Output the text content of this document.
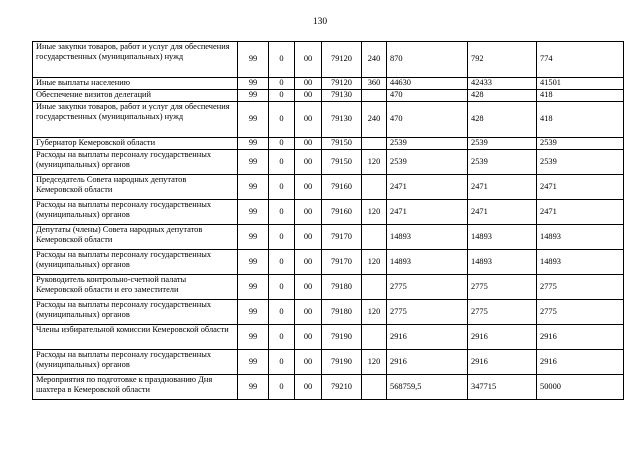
130
Иные закупки товаров, работ и услуг для обеспечения государственных (муниципальных) нужд	99	0	00	79120	240	870	792	774
Иные выплаты населению	99	0	00	79120	360	44630	42433	41501
Обеспечение визитов делегаций	99	0	00	79130		470	428	418
Иные закупки товаров, работ и услуг для обеспечения государственных (муниципальных) нужд	99	0	00	79130	240	470	428	418
Губернатор Кемеровской области	99	0	00	79150		2539	2539	2539
Расходы на выплаты персоналу государственных (муниципальных) органов	99	0	00	79150	120	2539	2539	2539
Председатель Совета народных депутатов Кемеровской области	99	0	00	79160		2471	2471	2471
Расходы на выплаты персоналу государственных (муниципальных) органов	99	0	00	79160	120	2471	2471	2471
Депутаты (члены) Совета народных депутатов Кемеровской области	99	0	00	79170		14893	14893	14893
Расходы на выплаты персоналу государственных (муниципальных) органов	99	0	00	79170	120	14893	14893	14893
Руководитель контрольно-счетной палаты Кемеровской области и его заместители	99	0	00	79180		2775	2775	2775
Расходы на выплаты персоналу государственных (муниципальных) органов	99	0	00	79180	120	2775	2775	2775
Члены избирательной комиссии Кемеровской области	99	0	00	79190		2916	2916	2916
Расходы на выплаты персоналу государственных (муниципальных) органов	99	0	00	79190	120	2916	2916	2916
Мероприятия по подготовке к празднованию Дня шахтера в Кемеровской области	99	0	00	79210		568759,5	347715	50000
